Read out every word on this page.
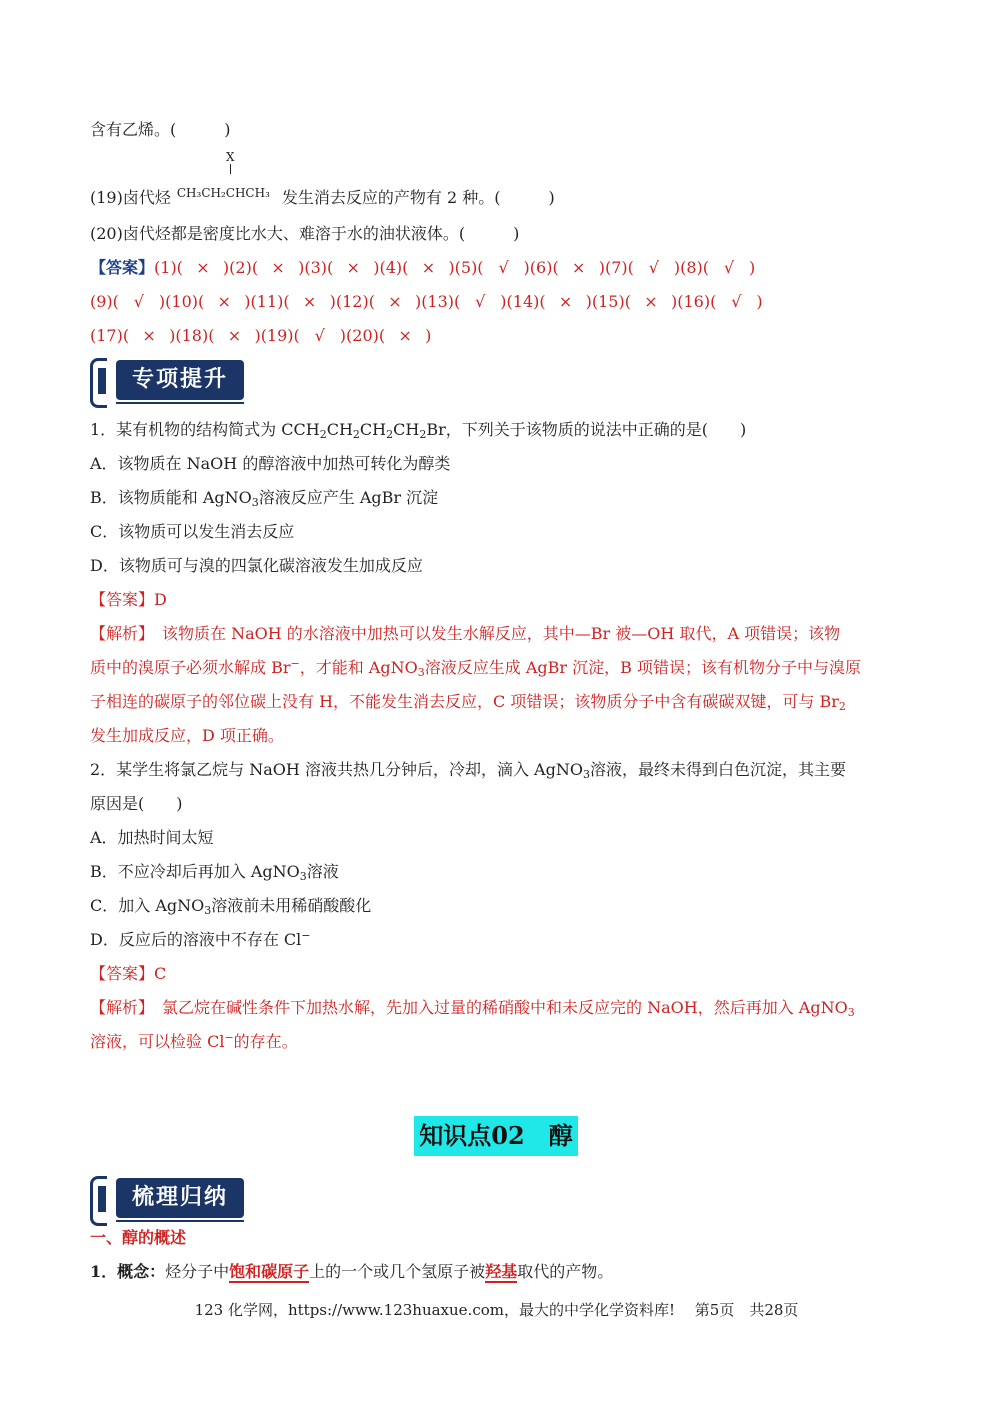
含有乙烯。(　　　)
X
(19)卤代烃 $^{CH_3CH_2CHCH_3}$ 发生消去反应的产物有 2 种。(　　　)
(20)卤代烃都是密度比水大、难溶于水的油状液体。(　　　)
【答案】(1)( × )(2)( × )(3)( × )(4)( × )(5)( √ )(6)( × )(7)( √ )(8)( √ )
(9)( √ )(10)( × )(11)( × )(12)( × )(13)( √ )(14)( × )(15)( × )(16)( √ )
(17)( × )(18)( × )(19)( √ )(20)( × )
专项提升
1．某有机物的结构简式为 $CCH_2CH_2CH_2CH_2Br$，下列关于该物质的说法中正确的是(　　)
A．该物质在 NaOH 的醇溶液中加热可转化为醇类
B．该物质能和 AgNO$_3$溶液反应产生 AgBr 沉淀
C．该物质可以发生消去反应
D．该物质可与溴的四氯化碳溶液发生加成反应
【答案】D
【解析】　该物质在 NaOH 的水溶液中加热可以发生水解反应，其中—Br 被—OH 取代，A 项错误；该物
质中的溴原子必须水解成 Br−，才能和 AgNO$_3$溶液反应生成 AgBr 沉淀，B 项错误；该有机物分子中与溴原
子相连的碳原子的邻位碳上没有 H，不能发生消去反应，C 项错误；该物质分子中含有碳碳双键，可与 $Br_2$
发生加成反应，D 项正确。
2．某学生将氯乙烷与 NaOH 溶液共热几分钟后，冷却，滴入 AgNO$_3$溶液，最终未得到白色沉淀，其主要
原因是(　　)
A．加热时间太短
B．不应冷却后再加入 AgNO$_3$溶液
C．加入 AgNO$_3$溶液前未用稀硝酸酸化
D．反应后的溶液中不存在 Cl−
【答案】C
【解析】　氯乙烷在碱性条件下加热水解，先加入过量的稀硝酸中和未反应完的 NaOH，然后再加入 AgNO$_3$
溶液，可以检验 Cl−的存在。
知识点02　醇
梳理归纳
一、醇的概述
1．概念：烃分子中饱和碳原子上的一个或几个氢原子被羟基取代的产物。
123 化学网，https://www.123huaxue.com，最大的中学化学资料库!　 第5页　共28页
